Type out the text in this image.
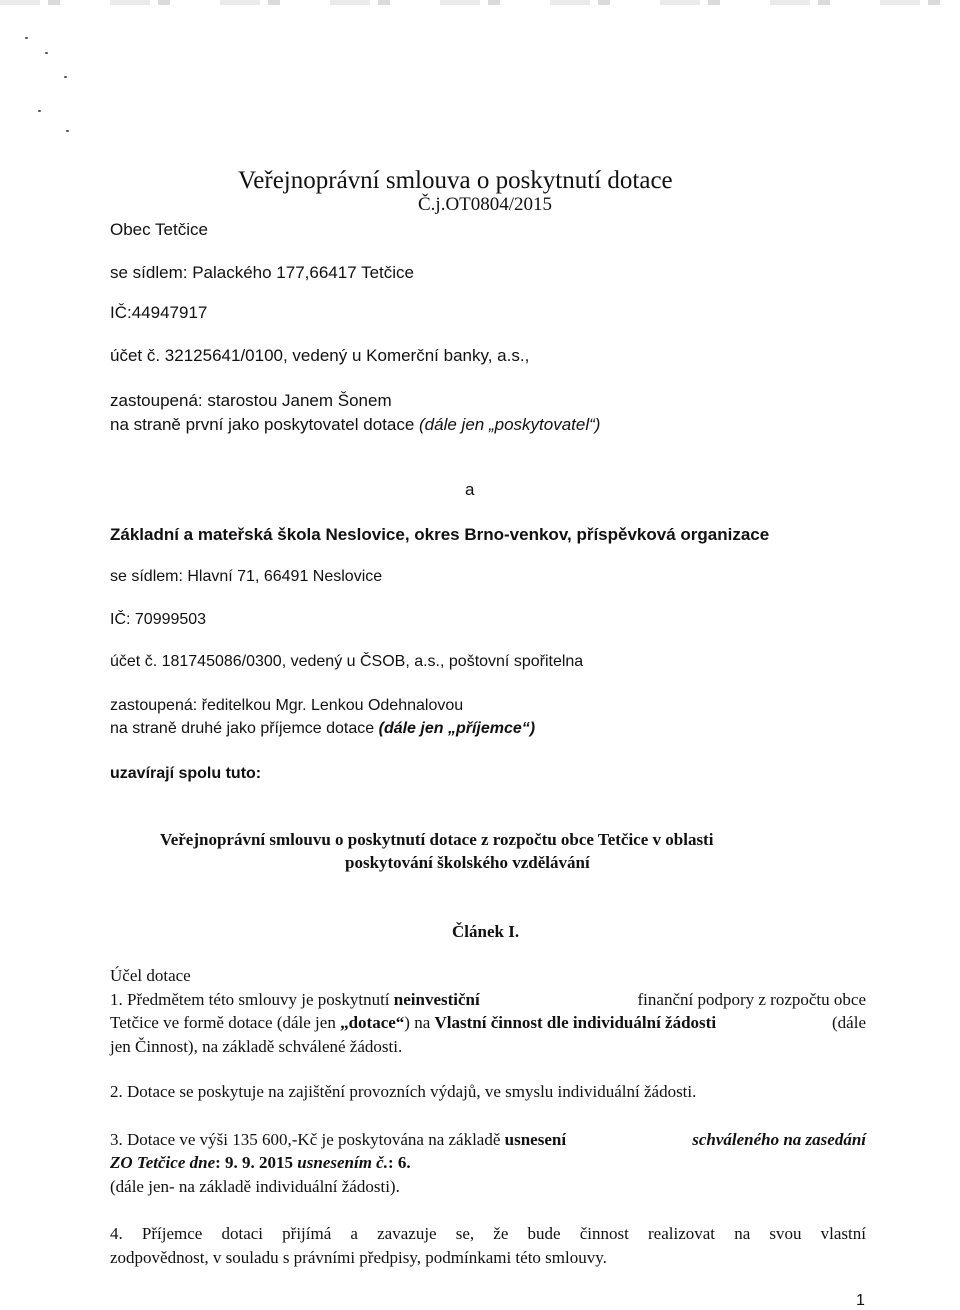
Veřejnoprávní smlouva o poskytnutí dotace
Č.j.OT0804/2015
Obec Tetčice
se sídlem: Palackého 177,66417 Tetčice
IČ:44947917
účet č. 32125641/0100, vedený u Komerční banky, a.s.,
zastoupená: starostou Janem Šonem
na straně první jako poskytovatel dotace (dále jen „poskytovatel“)
a
Základní a mateřská škola Neslovice, okres Brno-venkov, příspěvková organizace
se sídlem: Hlavní 71, 66491 Neslovice
IČ: 70999503
účet č. 181745086/0300, vedený u ČSOB, a.s., poštovní spořitelna
zastoupená: ředitelkou Mgr. Lenkou Odehnalovou
na straně druhé jako příjemce dotace (dále jen „příjemce“)
uzavírají spolu tuto:
Veřejnoprávní smlouvu o poskytnutí dotace z rozpočtu obce Tetčice v oblasti
poskytování školského vzdělávání
Článek I.
Účel dotace
1. Předmětem této smlouvy je poskytnutí neinvestiční	finanční podpory z rozpočtu obce
Tetčice ve formě dotace (dále jen „dotace“) na Vlastní činnost dle individuální žádosti	(dále
jen Činnost), na základě schválené žádosti.
2. Dotace se poskytuje na zajištění provozních výdajů, ve smyslu individuální žádosti.
3. Dotace ve výši 135 600,-Kč je poskytována na základě usnesení	schváleného na zasedání
ZO Tetčice dne: 9. 9. 2015 usnesením č.: 6.
(dále jen- na základě individuální žádosti).
4. Příjemce dotaci přijímá a zavazuje se, že bude činnost realizovat na svou vlastní
zodpovědnost, v souladu s právními předpisy, podmínkami této smlouvy.
1
